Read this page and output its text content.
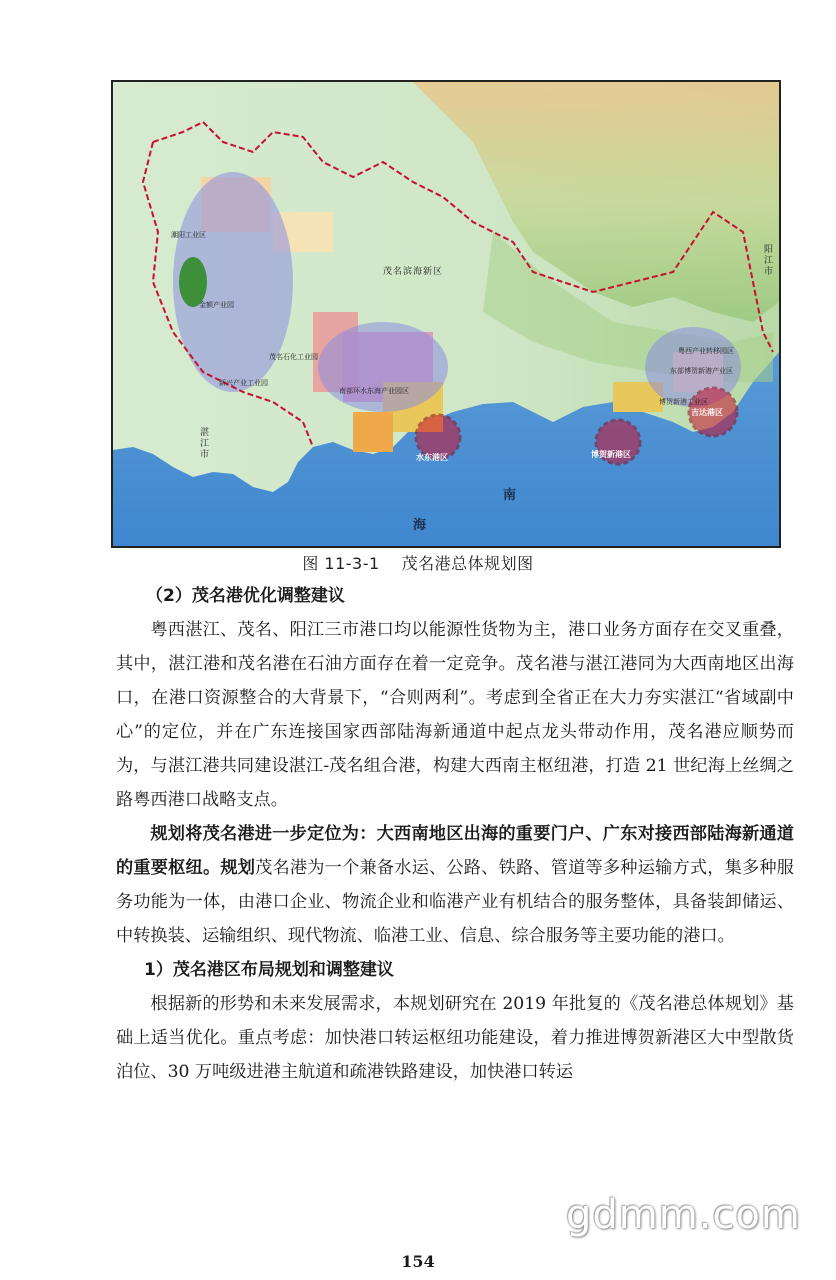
茂名滨海新区	阳江市
湛江市
南
海
潮阳工业区
金额产业园
茂名石化工业园
新兴产业工业园
南部环水东海产业园区
粤西产业转移园区
东部博贺新港产业区
博贺新港工业区
水东港区	博贺新港区
吉达港区
图 11-3-1 茂名港总体规划图

（2）茂名港优化调整建议

粤西湛江、茂名、阳江三市港口均以能源性货物为主，港口业务方面存在交叉重叠，其中，湛江港和茂名港在石油方面存在着一定竞争。茂名港与湛江港同为大西南地区出海口，在港口资源整合的大背景下，“合则两利”。考虑到全省正在大力夯实湛江“省域副中心”的定位，并在广东连接国家西部陆海新通道中起点龙头带动作用，茂名港应顺势而为，与湛江港共同建设湛江-茂名组合港，构建大西南主枢纽港，打造 21 世纪海上丝绸之路粤西港口战略支点。

规划将茂名港进一步定位为：大西南地区出海的重要门户、广东对接西部陆海新通道的重要枢纽。规划茂名港为一个兼备水运、公路、铁路、管道等多种运输方式，集多种服务功能为一体，由港口企业、物流企业和临港产业有机结合的服务整体，具备装卸储运、中转换装、运输组织、现代物流、临港工业、信息、综合服务等主要功能的港口。

1）茂名港区布局规划和调整建议

根据新的形势和未来发展需求，本规划研究在 2019 年批复的《茂名港总体规划》基础上适当优化。重点考虑：加快港口转运枢纽功能建设，着力推进博贺新港区大中型散货泊位、30 万吨级进港主航道和疏港铁路建设，加快港口转运

gdmm.com
154
